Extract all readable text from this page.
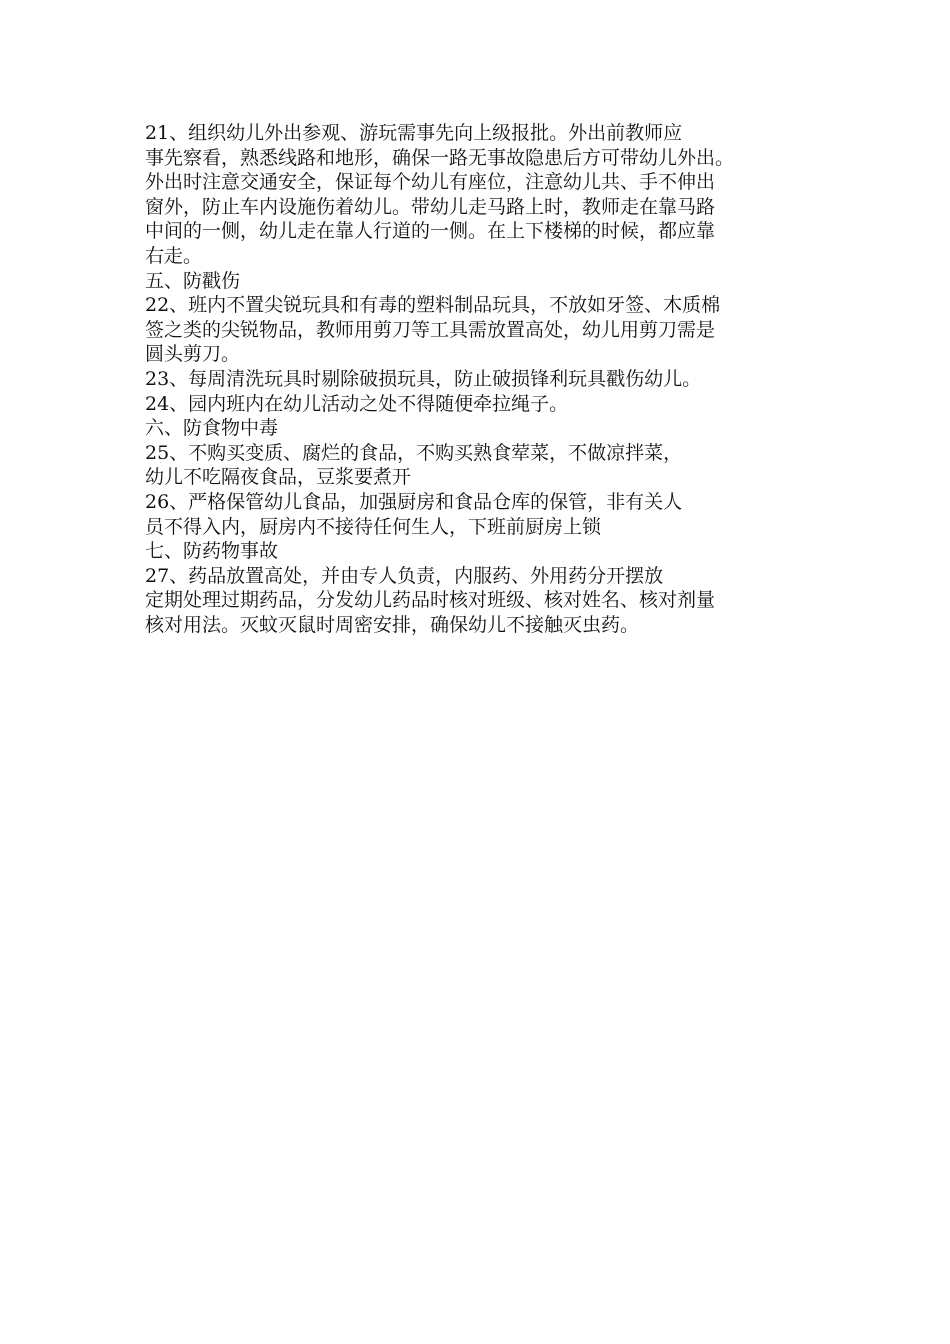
21、组织幼儿外出参观、游玩需事先向上级报批。外出前教师应
事先察看，熟悉线路和地形，确保一路无事故隐患后方可带幼儿外出。
外出时注意交通安全，保证每个幼儿有座位，注意幼儿共、手不伸出
窗外，防止车内设施伤着幼儿。带幼儿走马路上时，教师走在靠马路
中间的一侧，幼儿走在靠人行道的一侧。在上下楼梯的时候，都应靠
右走。
五、防戳伤
22、班内不置尖锐玩具和有毒的塑料制品玩具，不放如牙签、木质棉
签之类的尖锐物品，教师用剪刀等工具需放置高处，幼儿用剪刀需是
圆头剪刀。
23、每周清洗玩具时剔除破损玩具，防止破损锋利玩具戳伤幼儿。
24、园内班内在幼儿活动之处不得随便牵拉绳子。
六、防食物中毒
25、不购买变质、腐烂的食品，不购买熟食荤菜，不做凉拌菜，
幼儿不吃隔夜食品，豆浆要煮开
26、严格保管幼儿食品，加强厨房和食品仓库的保管，非有关人
员不得入内，厨房内不接待任何生人，下班前厨房上锁
七、防药物事故
27、药品放置高处，并由专人负责，内服药、外用药分开摆放
定期处理过期药品，分发幼儿药品时核对班级、核对姓名、核对剂量
核对用法。灭蚊灭鼠时周密安排，确保幼儿不接触灭虫药。
